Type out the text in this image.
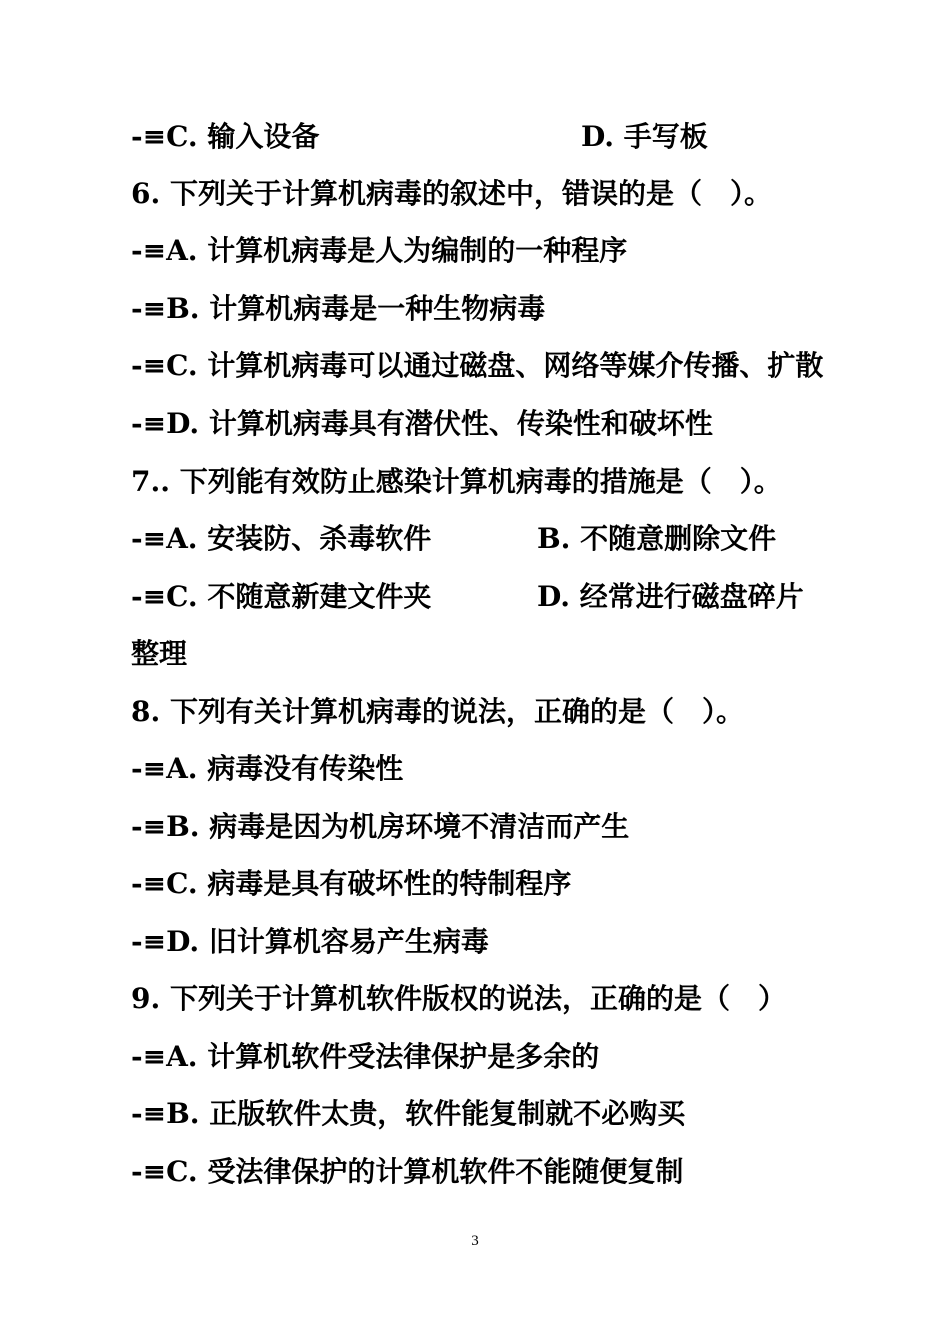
-≡C. 输入设备	D. 手写板
6. 下列关于计算机病毒的叙述中，错误的是（　）。
-≡A. 计算机病毒是人为编制的一种程序
-≡B. 计算机病毒是一种生物病毒
-≡C. 计算机病毒可以通过磁盘、网络等媒介传播、扩散
-≡D. 计算机病毒具有潜伏性、传染性和破坏性
7.. 下列能有效防止感染计算机病毒的措施是（　）。
-≡A. 安装防、杀毒软件	B. 不随意删除文件
-≡C. 不随意新建文件夹	D. 经常进行磁盘碎片
整理
8. 下列有关计算机病毒的说法，正确的是（　）。
-≡A. 病毒没有传染性
-≡B. 病毒是因为机房环境不清洁而产生
-≡C. 病毒是具有破坏性的特制程序
-≡D. 旧计算机容易产生病毒
9. 下列关于计算机软件版权的说法，正确的是（　）
-≡A. 计算机软件受法律保护是多余的
-≡B. 正版软件太贵，软件能复制就不必购买
-≡C. 受法律保护的计算机软件不能随便复制
3
